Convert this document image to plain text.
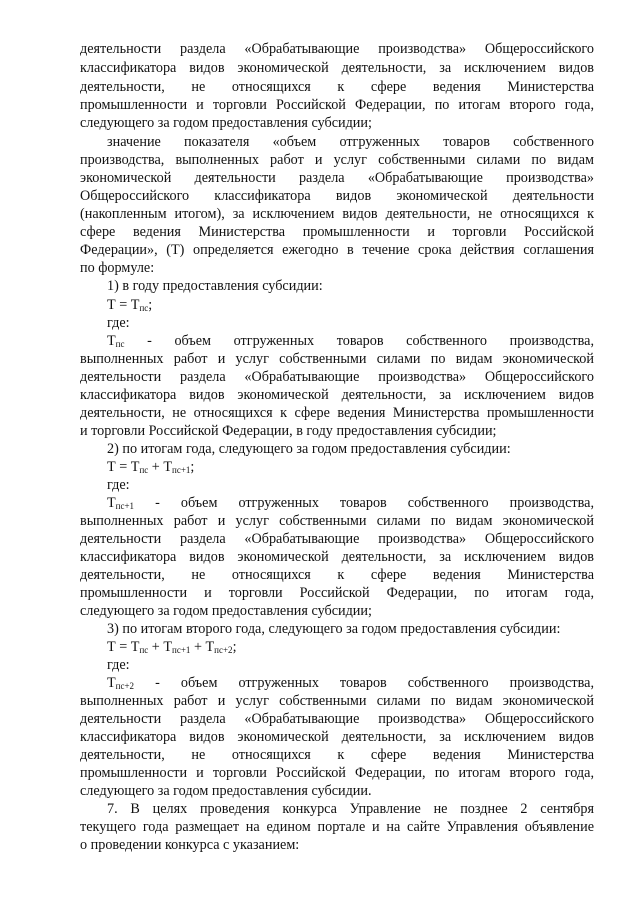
деятельности раздела «Обрабатывающие производства» Общероссийского
классификатора видов экономической деятельности, за исключением видов
деятельности, не относящихся к сфере ведения Министерства
промышленности и торговли Российской Федерации, по итогам второго года,
следующего за годом предоставления субсидии;
значение показателя «объем отгруженных товаров собственного
производства, выполненных работ и услуг собственными силами по видам
экономической деятельности раздела «Обрабатывающие производства»
Общероссийского классификатора видов экономической деятельности
(накопленным итогом), за исключением видов деятельности, не относящихся к
сфере ведения Министерства промышленности и торговли Российской
Федерации», (Т) определяется ежегодно в течение срока действия соглашения
по формуле:
1) в году предоставления субсидии:
$Т = Т_{пс}$;
где:
$Т_{пс}$ - объем отгруженных товаров собственного производства,
выполненных работ и услуг собственными силами по видам экономической
деятельности раздела «Обрабатывающие производства» Общероссийского
классификатора видов экономической деятельности, за исключением видов
деятельности, не относящихся к сфере ведения Министерства промышленности
и торговли Российской Федерации, в году предоставления субсидии;
2) по итогам года, следующего за годом предоставления субсидии:
$Т = Т_{пс} + Т_{пс+1}$;
где:
$Т_{пс+1}$ - объем отгруженных товаров собственного производства,
выполненных работ и услуг собственными силами по видам экономической
деятельности раздела «Обрабатывающие производства» Общероссийского
классификатора видов экономической деятельности, за исключением видов
деятельности, не относящихся к сфере ведения Министерства
промышленности и торговли Российской Федерации, по итогам года,
следующего за годом предоставления субсидии;
3) по итогам второго года, следующего за годом предоставления субсидии:
$Т = Т_{пс} + Т_{пс+1} + Т_{пс+2}$;
где:
$Т_{пс+2}$ - объем отгруженных товаров собственного производства,
выполненных работ и услуг собственными силами по видам экономической
деятельности раздела «Обрабатывающие производства» Общероссийского
классификатора видов экономической деятельности, за исключением видов
деятельности, не относящихся к сфере ведения Министерства
промышленности и торговли Российской Федерации, по итогам второго года,
следующего за годом предоставления субсидии.
7. В целях проведения конкурса Управление не позднее 2 сентября
текущего года размещает на едином портале и на сайте Управления объявление
о проведении конкурса с указанием:
